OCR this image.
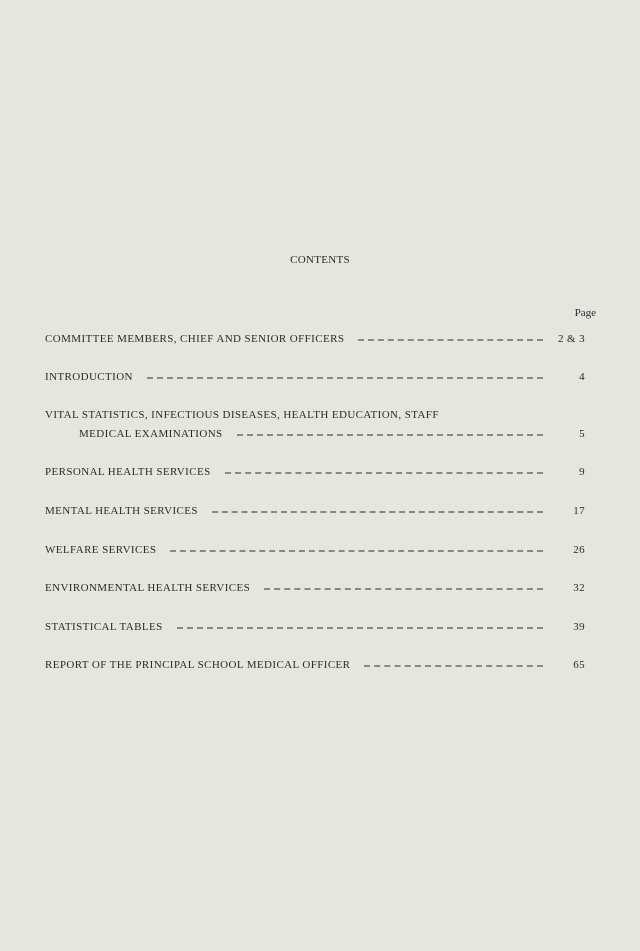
CONTENTS
Page
COMMITTEE MEMBERS, CHIEF AND SENIOR OFFICERS	2 & 3
INTRODUCTION	4
VITAL STATISTICS, INFECTIOUS DISEASES, HEALTH EDUCATION, STAFF
MEDICAL EXAMINATIONS	5
PERSONAL HEALTH SERVICES	9
MENTAL HEALTH SERVICES	17
WELFARE SERVICES	26
ENVIRONMENTAL HEALTH SERVICES	32
STATISTICAL TABLES	39
REPORT OF THE PRINCIPAL SCHOOL MEDICAL OFFICER	65
